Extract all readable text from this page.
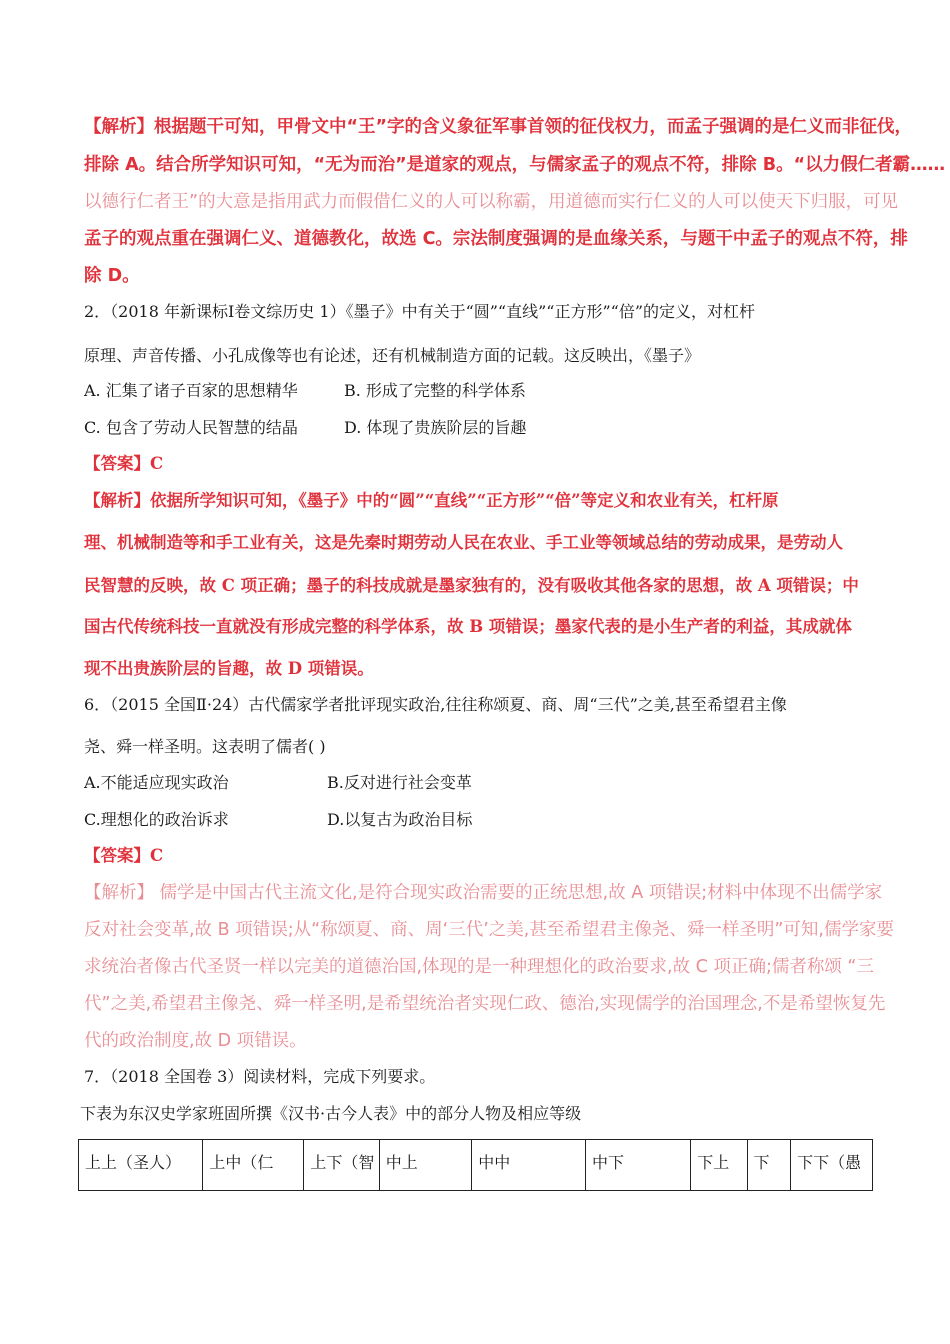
【解析】根据题干可知，甲骨文中“王”字的含义象征军事首领的征伐权力，而孟子强调的是仁义而非征伐，
排除 A。结合所学知识可知，“无为而治”是道家的观点，与儒家孟子的观点不符，排除 B。“以力假仁者霸……
以德行仁者王”的大意是指用武力而假借仁义的人可以称霸，用道德而实行仁义的人可以使天下归服，可见
孟子的观点重在强调仁义、道德教化，故选 C。宗法制度强调的是血缘关系，与题干中孟子的观点不符，排
除 D。
2．（2018 年新课标Ⅰ卷文综历史 1）《墨子》中有关于“圆”“直线”“正方形”“倍”的定义，对杠杆
原理、声音传播、小孔成像等也有论述，还有机械制造方面的记载。这反映出，《墨子》
A. 汇集了诸子百家的思想精华	B. 形成了完整的科学体系
C. 包含了劳动人民智慧的结晶	D. 体现了贵族阶层的旨趣
【答案】C
【解析】依据所学知识可知，《墨子》中的“圆”“直线”“正方形”“倍”等定义和农业有关，杠杆原
理、机械制造等和手工业有关，这是先秦时期劳动人民在农业、手工业等领域总结的劳动成果，是劳动人
民智慧的反映，故 C 项正确；墨子的科技成就是墨家独有的，没有吸收其他各家的思想，故 A 项错误；中
国古代传统科技一直就没有形成完整的科学体系，故 B 项错误；墨家代表的是小生产者的利益，其成就体
现不出贵族阶层的旨趣，故 D 项错误。
6．（2015 全国Ⅱ·24）古代儒家学者批评现实政治,往往称颂夏、商、周“三代”之美,甚至希望君主像
尧、舜一样圣明。这表明了儒者( )
A.不能适应现实政治	B.反对进行社会变革
C.理想化的政治诉求	D.以复古为政治目标
【答案】C
【解析】 儒学是中国古代主流文化,是符合现实政治需要的正统思想,故 A 项错误;材料中体现不出儒学家
反对社会变革,故 B 项错误;从“称颂夏、商、周‘三代’之美,甚至希望君主像尧、舜一样圣明”可知,儒学家要
求统治者像古代圣贤一样以完美的道德治国,体现的是一种理想化的政治要求,故 C 项正确;儒者称颂 “三
代”之美,希望君主像尧、舜一样圣明,是希望统治者实现仁政、德治,实现儒学的治国理念,不是希望恢复先
代的政治制度,故 D 项错误。
7．（2018 全国卷 3）阅读材料，完成下列要求。
下表为东汉史学家班固所撰《汉书·古今人表》中的部分人物及相应等级
上上（圣人）	上中（仁	上下（智	中上	中中	中下	下上	下	下下（愚
